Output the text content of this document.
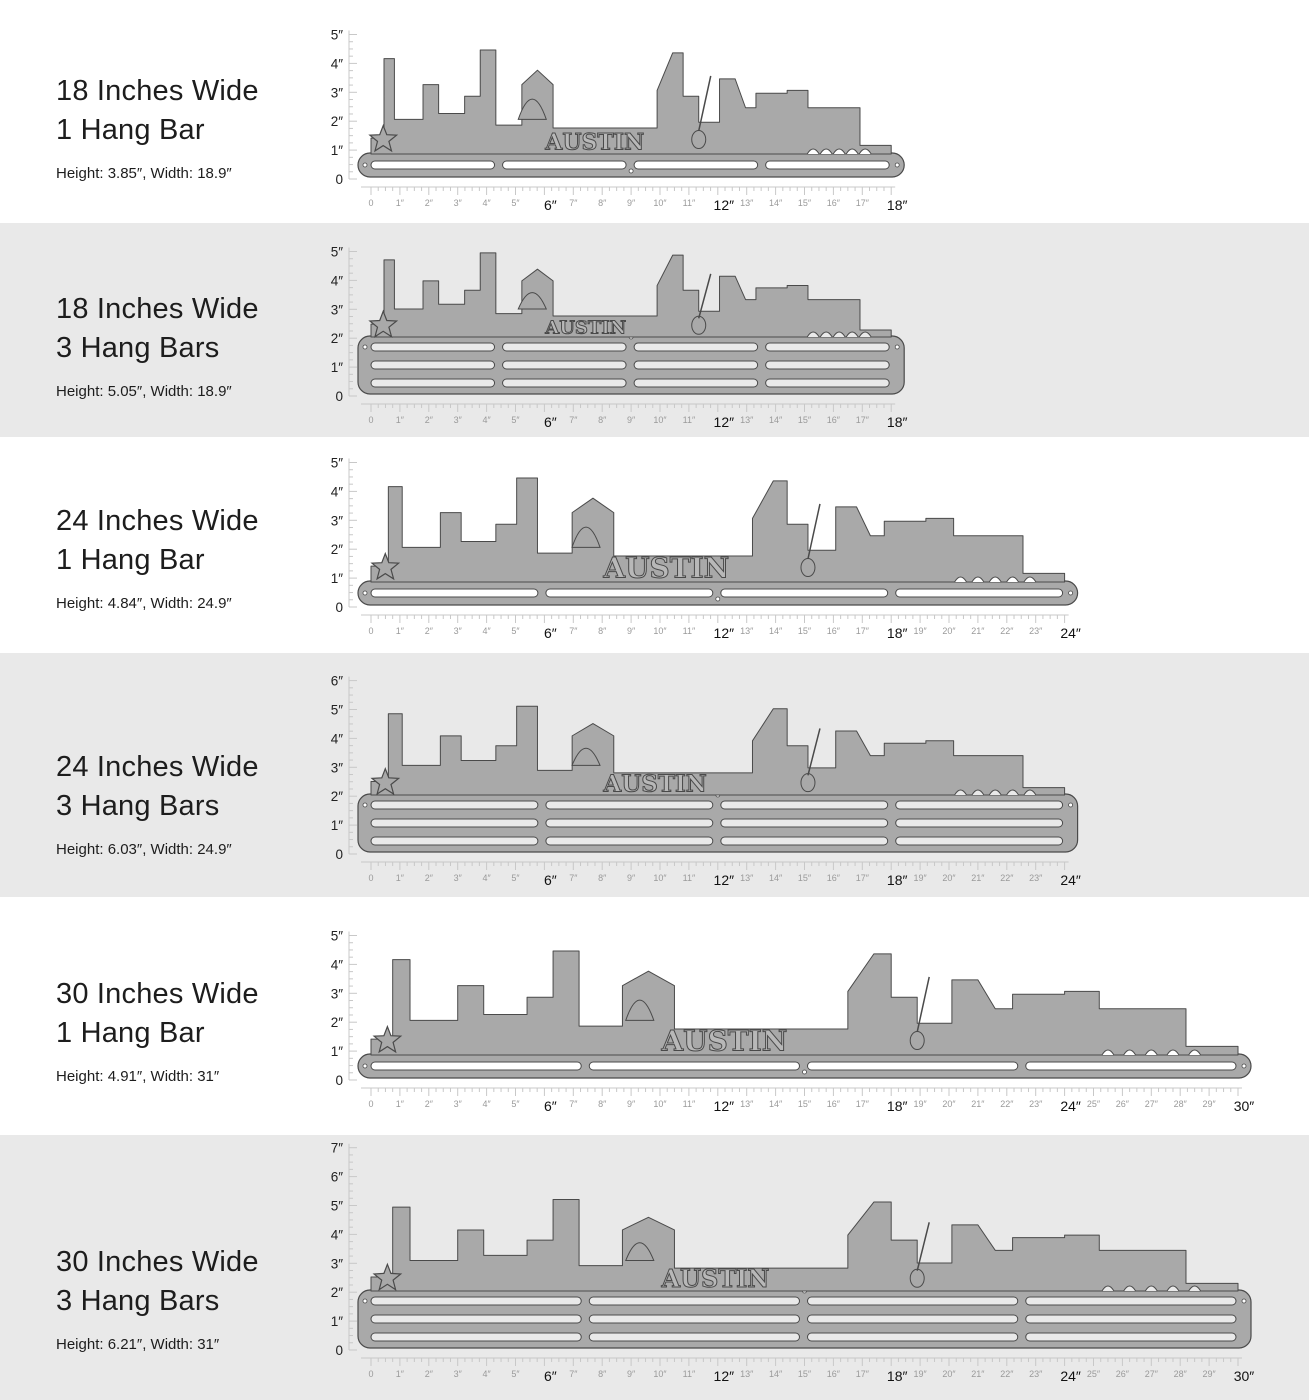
18 Inches Wide
1 Hang Bar
Height: 3.85″, Width: 18.9″
5″
4″
3″
2″
1″
0
0 1″ 2″ 3″ 4″ 5″ 6″ 7″ 8″ 9″ 10″ 11″ 12″ 13″ 14″ 15″ 16″ 17″ 18″
AUSTIN
18 Inches Wide
3 Hang Bars
Height: 5.05″, Width: 18.9″
5″
4″
3″
2″
1″
0
0 1″ 2″ 3″ 4″ 5″ 6″ 7″ 8″ 9″ 10″ 11″ 12″ 13″ 14″ 15″ 16″ 17″ 18″
AUSTIN
24 Inches Wide
1 Hang Bar
Height: 4.84″, Width: 24.9″
5″
4″
3″
2″
1″
0
0 1″ 2″ 3″ 4″ 5″ 6″ 7″ 8″ 9″ 10″ 11″ 12″ 13″ 14″ 15″ 16″ 17″ 18″ 19″ 20″ 21″ 22″ 23″ 24″
AUSTIN
24 Inches Wide
3 Hang Bars
Height: 6.03″, Width: 24.9″
6″
5″
4″
3″
2″
1″
0
0 1″ 2″ 3″ 4″ 5″ 6″ 7″ 8″ 9″ 10″ 11″ 12″ 13″ 14″ 15″ 16″ 17″ 18″ 19″ 20″ 21″ 22″ 23″ 24″
AUSTIN
30 Inches Wide
1 Hang Bar
Height: 4.91″, Width: 31″
5″
4″
3″
2″
1″
0
0 1″ 2″ 3″ 4″ 5″ 6″ 7″ 8″ 9″ 10″ 11″ 12″ 13″ 14″ 15″ 16″ 17″ 18″ 19″ 20″ 21″ 22″ 23″ 24″ 25″ 26″ 27″ 28″ 29″ 30″
AUSTIN
30 Inches Wide
3 Hang Bars
Height: 6.21″, Width: 31″
7″
6″
5″
4″
3″
2″
1″
0
0 1″ 2″ 3″ 4″ 5″ 6″ 7″ 8″ 9″ 10″ 11″ 12″ 13″ 14″ 15″ 16″ 17″ 18″ 19″ 20″ 21″ 22″ 23″ 24″ 25″ 26″ 27″ 28″ 29″ 30″
AUSTIN
